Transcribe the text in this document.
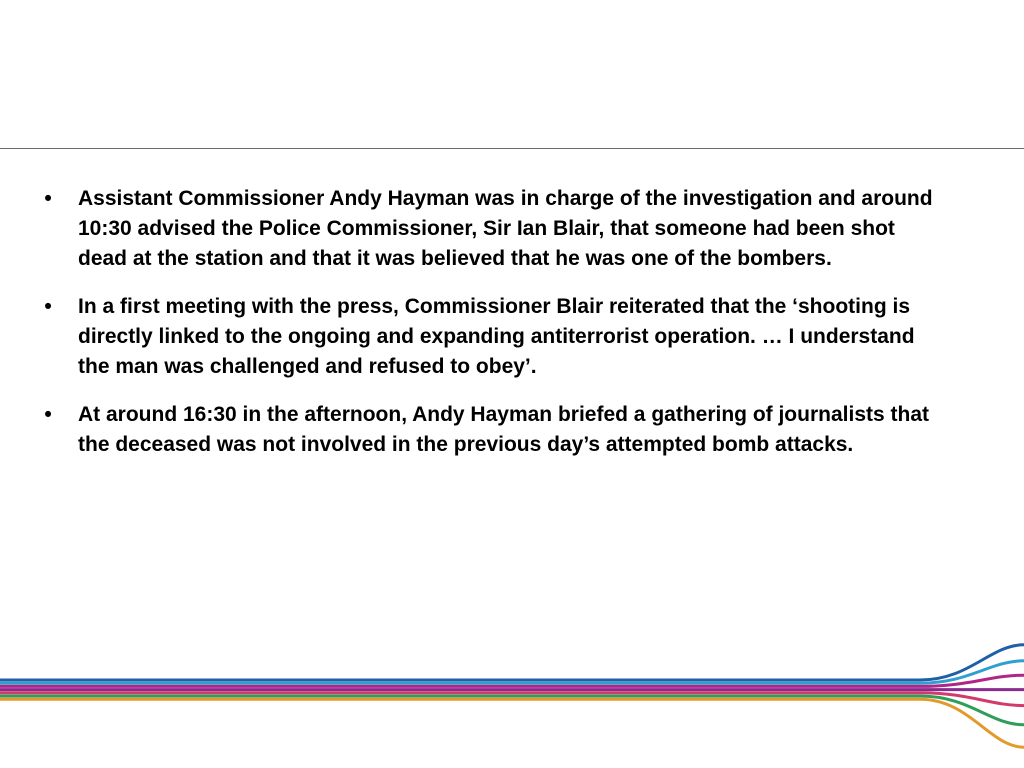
•	Assistant Commissioner Andy Hayman was in charge of the investigation and around 10:30 advised the Police Commissioner, Sir Ian Blair, that someone had been shot dead at the station and that it was believed that he was one of the bombers.
•	In a first meeting with the press, Commissioner Blair reiterated that the ‘shooting is directly linked to the ongoing and expanding antiterrorist operation. … I understand the man was challenged and refused to obey’.
•	At around 16:30 in the afternoon, Andy Hayman briefed a gathering of journalists that the deceased was not involved in the previous day’s attempted bomb attacks.
